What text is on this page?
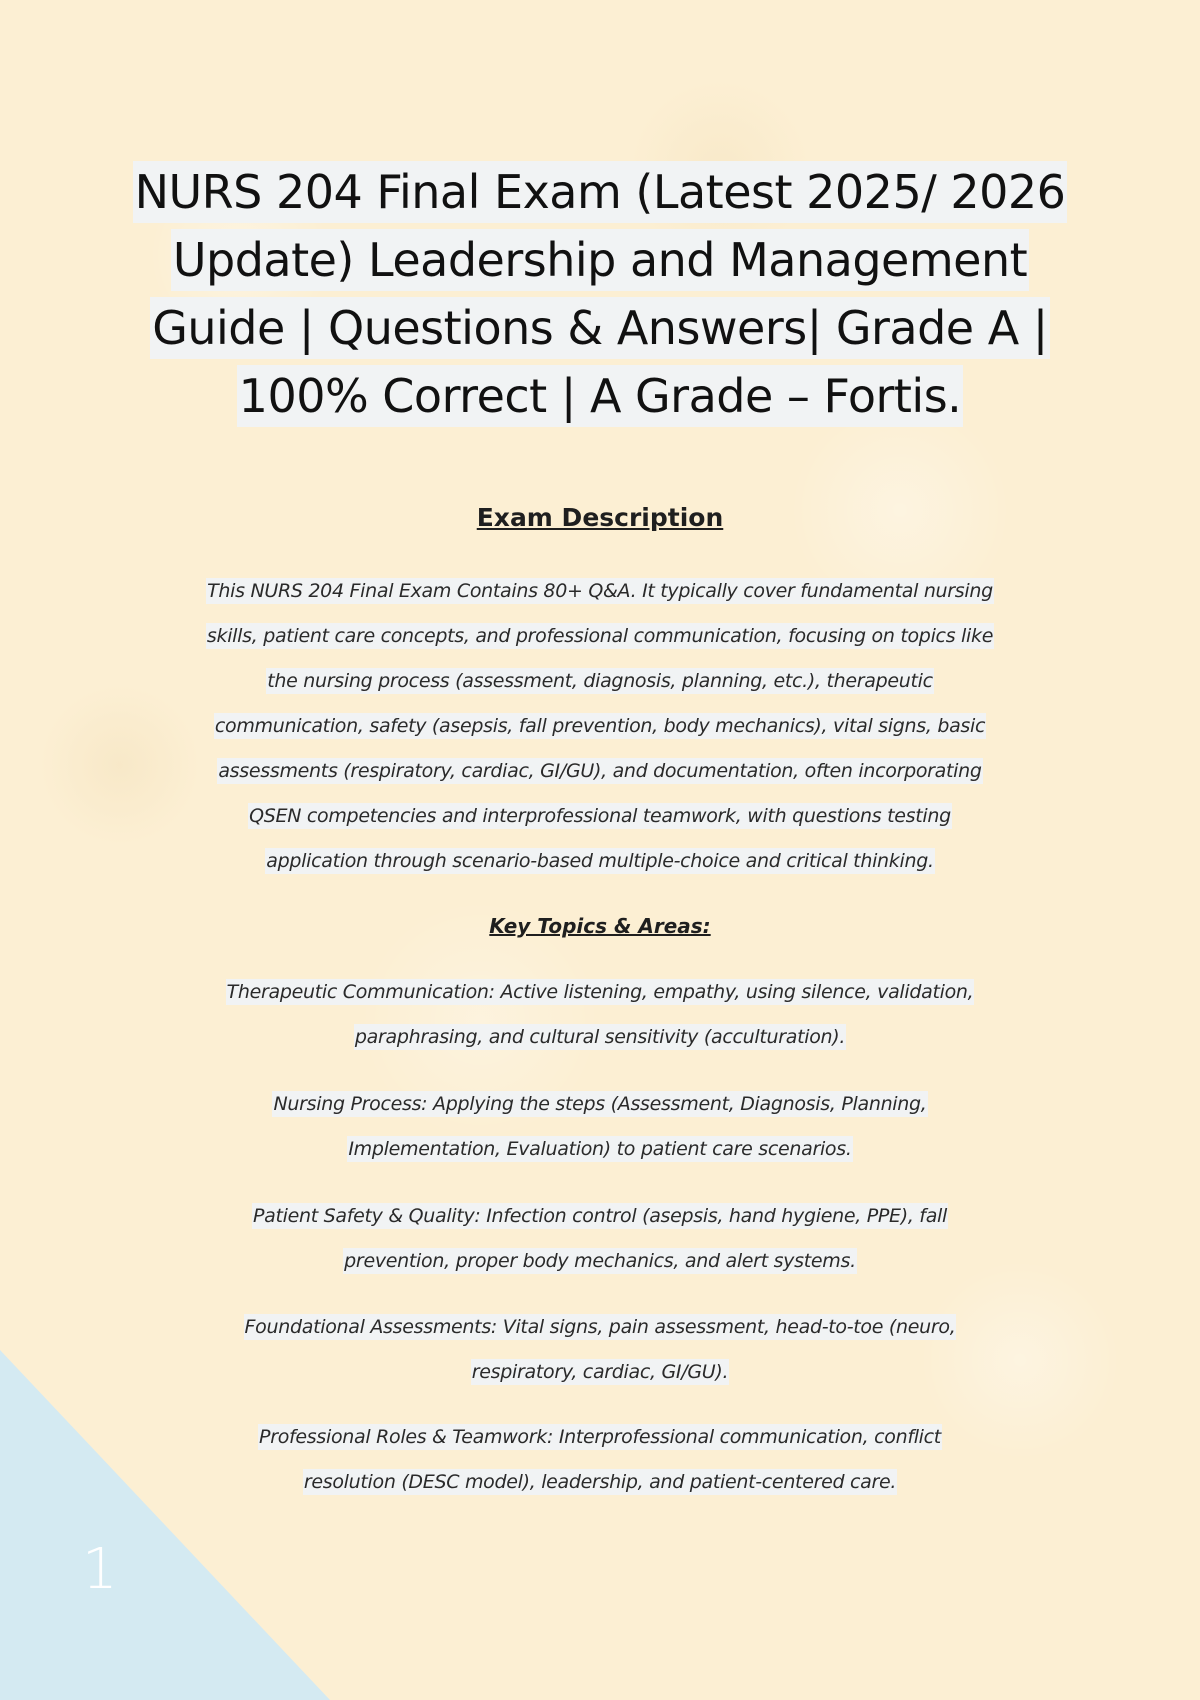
NURS 204 Final Exam (Latest 2025/ 2026 Update) Leadership and Management Guide | Questions & Answers| Grade A | 100% Correct | A Grade – Fortis.
Exam Description
This NURS 204 Final Exam Contains 80+ Q&A. It typically cover fundamental nursing skills, patient care concepts, and professional communication, focusing on topics like the nursing process (assessment, diagnosis, planning, etc.), therapeutic communication, safety (asepsis, fall prevention, body mechanics), vital signs, basic assessments (respiratory, cardiac, GI/GU), and documentation, often incorporating QSEN competencies and interprofessional teamwork, with questions testing application through scenario-based multiple-choice and critical thinking.
Key Topics & Areas:
Therapeutic Communication: Active listening, empathy, using silence, validation, paraphrasing, and cultural sensitivity (acculturation).
Nursing Process: Applying the steps (Assessment, Diagnosis, Planning, Implementation, Evaluation) to patient care scenarios.
Patient Safety & Quality: Infection control (asepsis, hand hygiene, PPE), fall prevention, proper body mechanics, and alert systems.
Foundational Assessments: Vital signs, pain assessment, head-to-toe (neuro, respiratory, cardiac, GI/GU).
Professional Roles & Teamwork: Interprofessional communication, conflict resolution (DESC model), leadership, and patient-centered care.
1
